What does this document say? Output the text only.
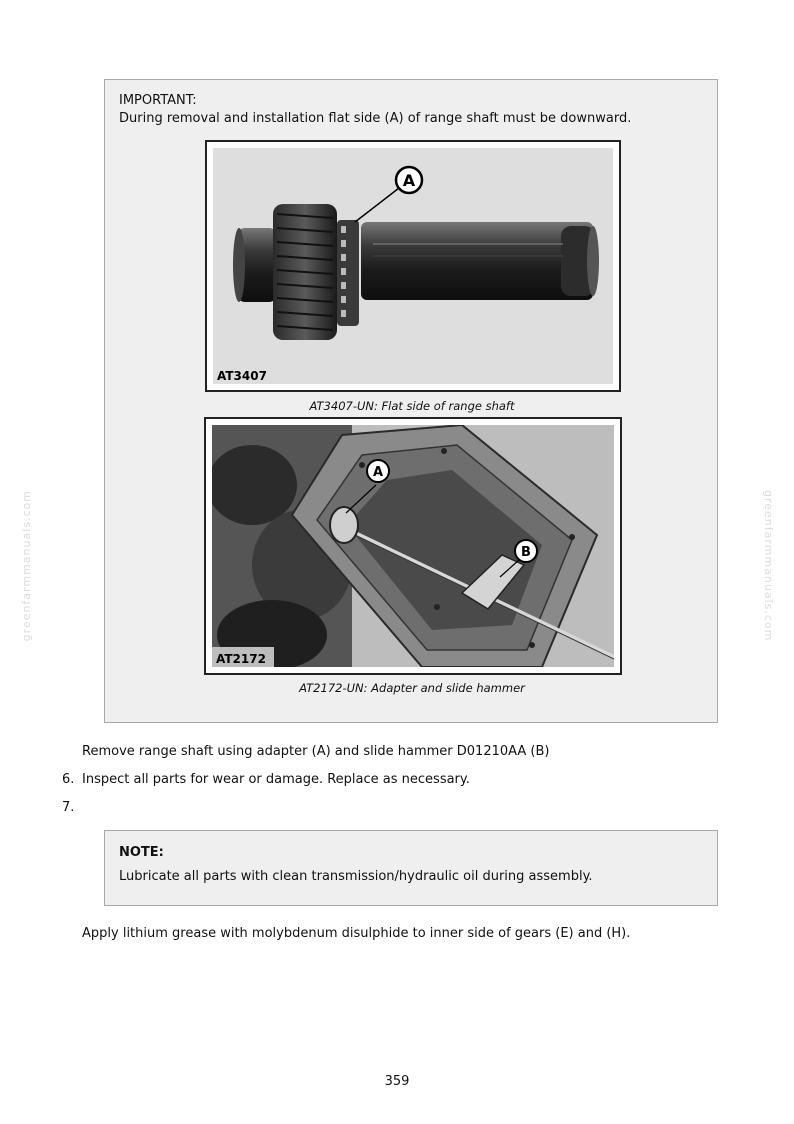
greenfarmmanuals.com	greenfarmmanuals.com
IMPORTANT:
During removal and installation flat side (A) of range shaft must be downward.
A
AT3407
AT3407-UN: Flat side of range shaft
A
B
AT2172
AT2172-UN: Adapter and slide hammer
Remove range shaft using adapter (A) and slide hammer D01210AA (B)
6. Inspect all parts for wear or damage. Replace as necessary.
7.
NOTE:
Lubricate all parts with clean transmission/hydraulic oil during assembly.
Apply lithium grease with molybdenum disulphide to inner side of gears (E) and (H).
359
